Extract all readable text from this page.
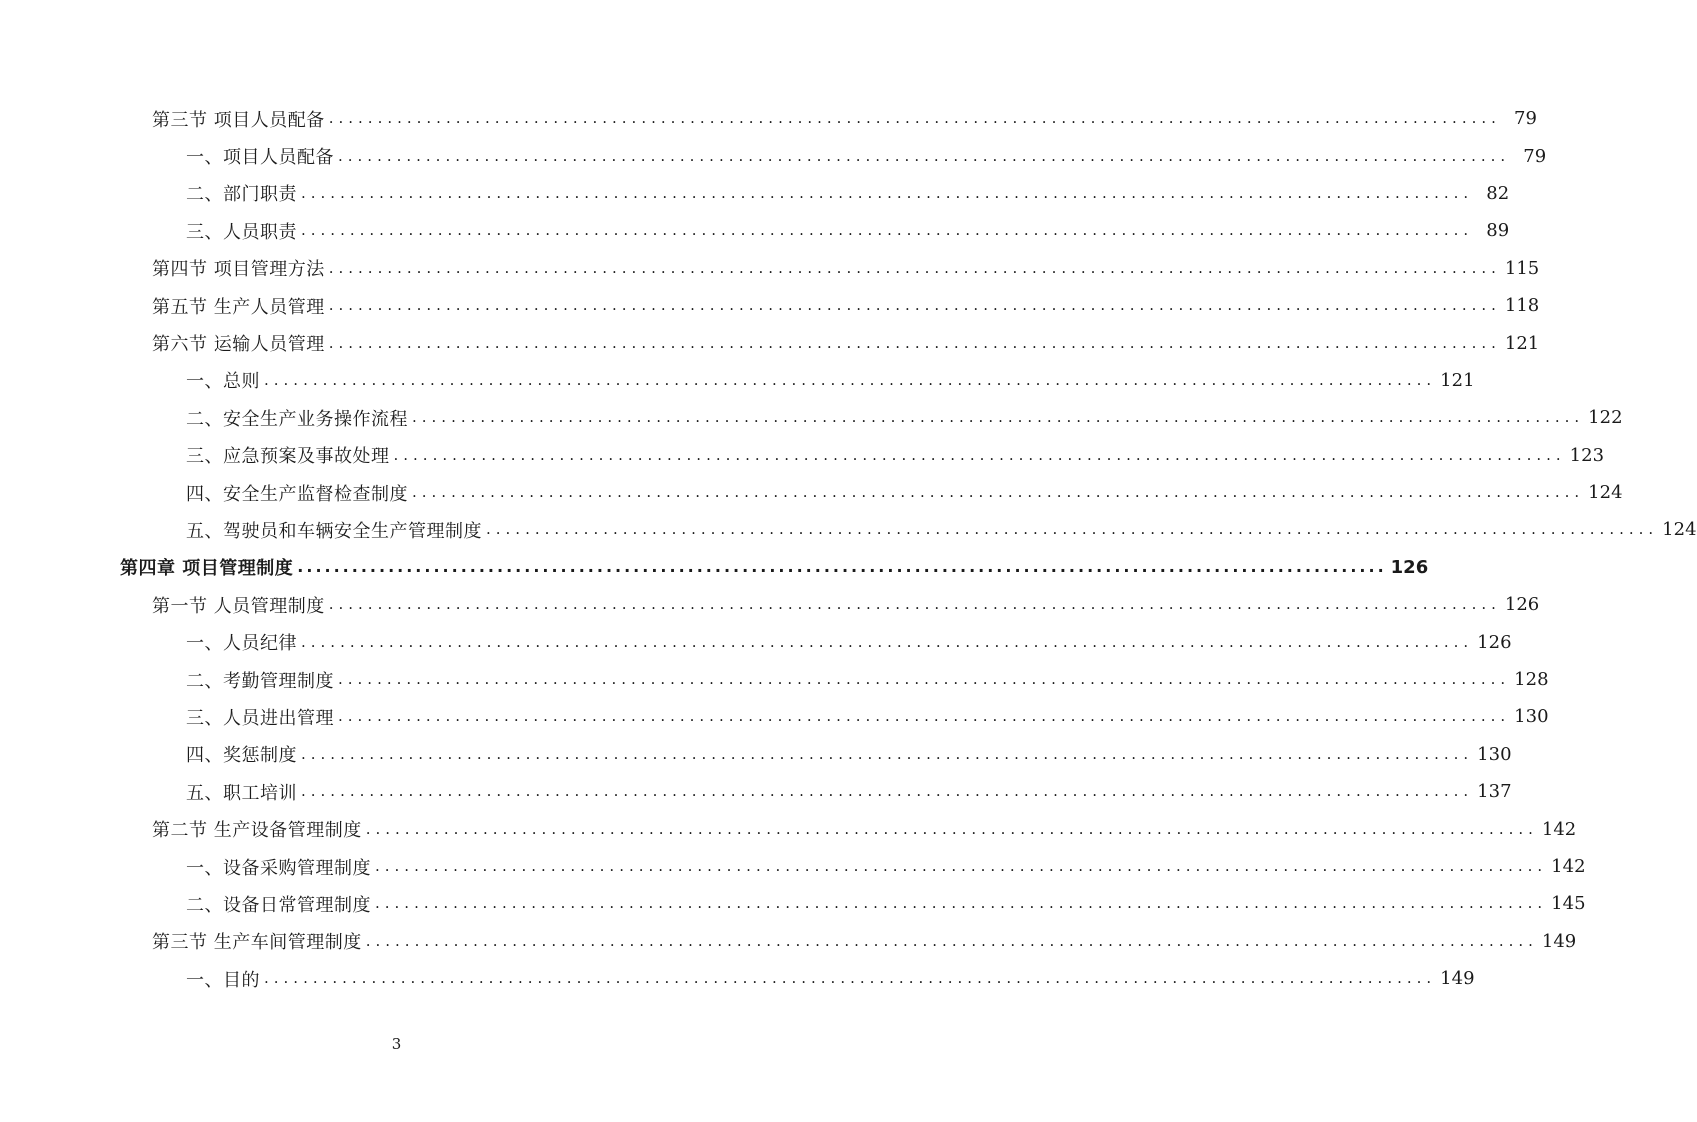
第三节 项目人员配备 ........................................................................................................................ 79
一、项目人员配备 ........................................................................................................................ 79
二、部门职责 ........................................................................................................................ 82
三、人员职责 ........................................................................................................................ 89
第四节 项目管理方法 ........................................................................................................................ 115
第五节 生产人员管理 ........................................................................................................................ 118
第六节 运输人员管理 ........................................................................................................................ 121
一、总则 ........................................................................................................................ 121
二、安全生产业务操作流程 ........................................................................................................................ 122
三、应急预案及事故处理 ........................................................................................................................ 123
四、安全生产监督检查制度 ........................................................................................................................ 124
五、驾驶员和车辆安全生产管理制度 ........................................................................................................................ 124
第四章 项目管理制度 ........................................................................................................................ 126
第一节 人员管理制度 ........................................................................................................................ 126
一、人员纪律 ........................................................................................................................ 126
二、考勤管理制度 ........................................................................................................................ 128
三、人员进出管理 ........................................................................................................................ 130
四、奖惩制度 ........................................................................................................................ 130
五、职工培训 ........................................................................................................................ 137
第二节 生产设备管理制度 ........................................................................................................................ 142
一、设备采购管理制度 ........................................................................................................................ 142
二、设备日常管理制度 ........................................................................................................................ 145
第三节 生产车间管理制度 ........................................................................................................................ 149
一、目的 ........................................................................................................................ 149
3
